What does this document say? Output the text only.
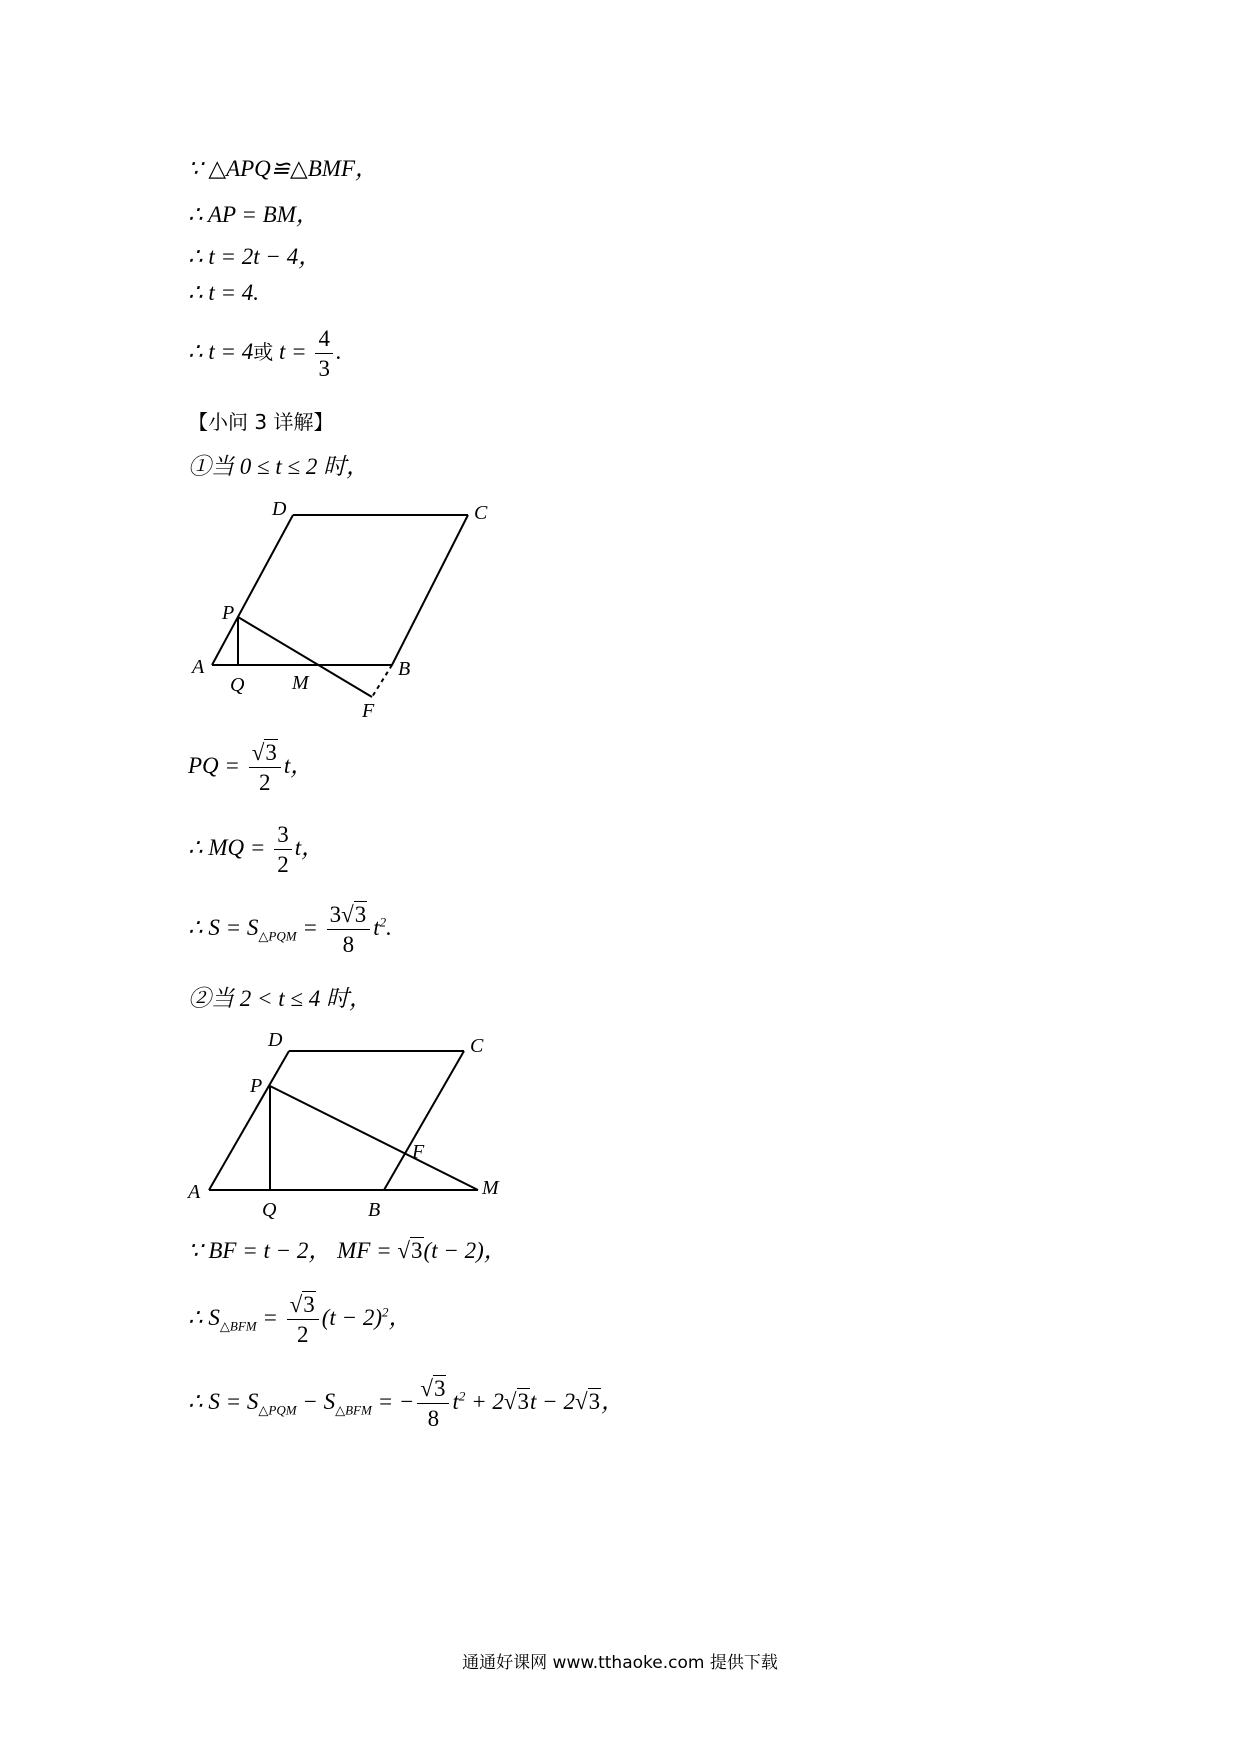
∵ △APQ≌△BMF，
∴ AP = BM，
∴ t = 2t − 4，
∴ t = 4.
∴ t = 4或 $t = \frac{4}{3}$ .
【小问 3 详解】
①当 0 ≤ t ≤ 2 时，
D	C
P
A	B
Q M
F
PQ = $\frac{√3}{2}$ t，
∴ MQ = $\frac{3}{2}$ t，
∴ $S = S_{\triangle PQM} = \frac{3√3}{8} t^2$.
②当 2 < t ≤ 4 时，
D	C
P
F
A
Q	B
M
∵ BF = t − 2， MF = √3(t − 2)，
∴ $S_{\triangle BFM} = \frac{√3}{2} (t - 2)^2$，
∴ $S = S_{\triangle PQM} - S_{\triangle BFM}$ = − $\frac{√3}{8} t^2 + 2√3t - 2√3$，
通通好课网 www.tthaoke.com 提供下载
